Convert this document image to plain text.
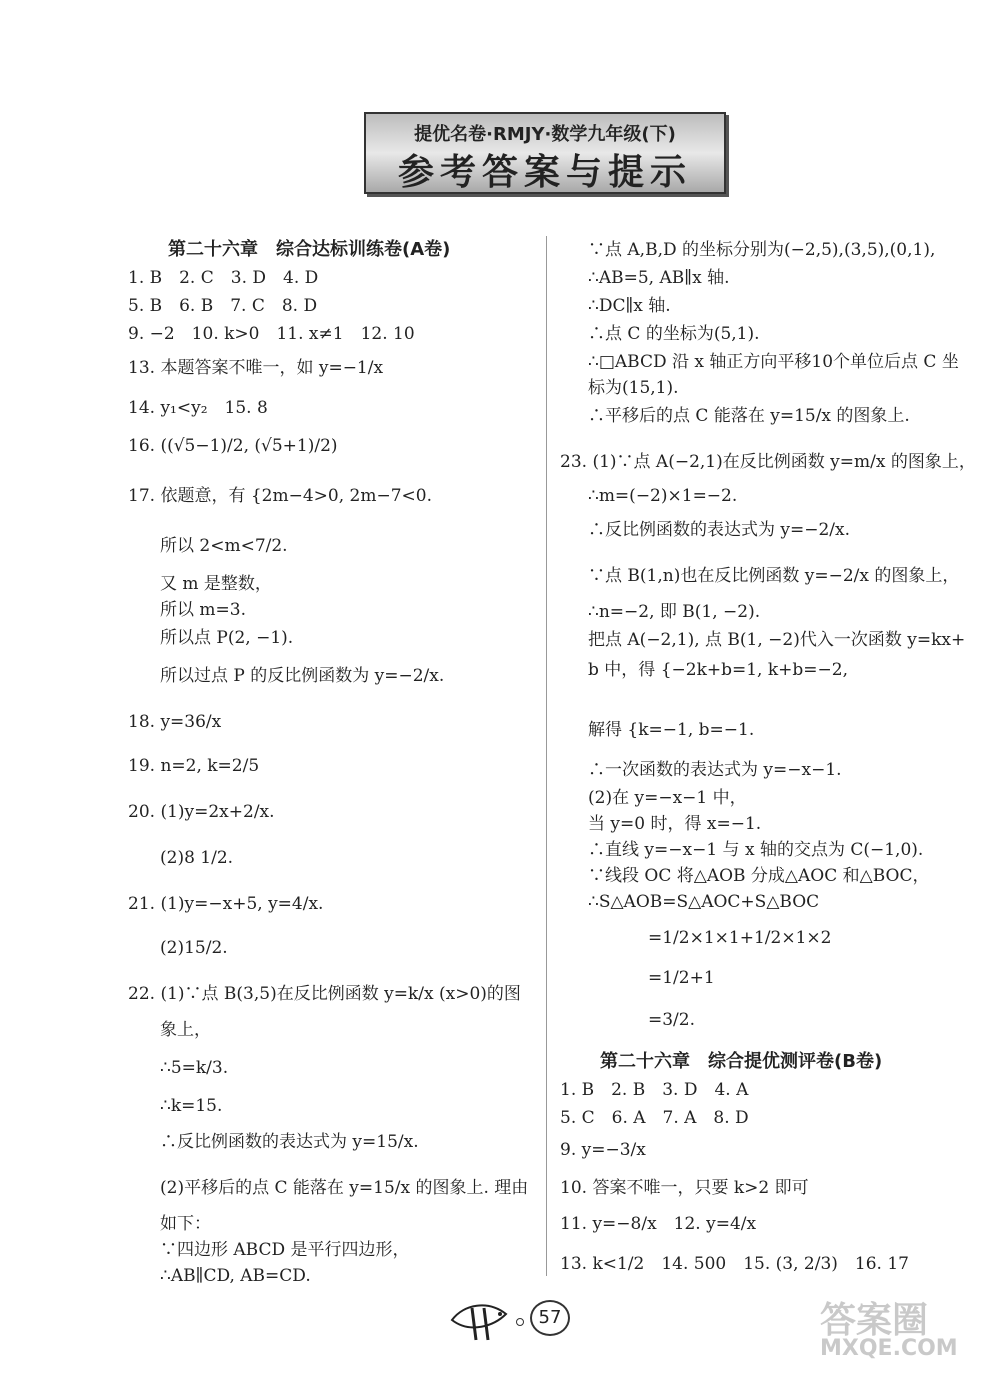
提优名卷·RMJY·数学九年级(下)
参考答案与提示
第二十六章　综合达标训练卷(A卷)
1. B　2. C　3. D　4. D
5. B　6. B　7. C　8. D
9. −2　10. k>0　11. x≠1　12. 10
13. 本题答案不唯一，如 y=−1/x
14. y₁<y₂　15. 8
16. ((√5−1)/2, (√5+1)/2)
17. 依题意，有 {2m−4>0, 2m−7<0.
所以 2<m<7/2.
又 m 是整数，
所以 m=3.
所以点 P(2, −1).
所以过点 P 的反比例函数为 y=−2/x.
18. y=36/x
19. n=2, k=2/5
20. (1)y=2x+2/x.
(2)8 1/2.
21. (1)y=−x+5, y=4/x.
(2)15/2.
22. (1)∵点 B(3,5)在反比例函数 y=k/x (x>0)的图
象上，
∴5=k/3.
∴k=15.
∴反比例函数的表达式为 y=15/x.
(2)平移后的点 C 能落在 y=15/x 的图象上. 理由
如下：
∵四边形 ABCD 是平行四边形，
∴AB∥CD, AB=CD.
∵点 A,B,D 的坐标分别为(−2,5),(3,5),(0,1),
∴AB=5, AB∥x 轴.
∴DC∥x 轴.
∴点 C 的坐标为(5,1).
∴□ABCD 沿 x 轴正方向平移10个单位后点 C 坐
标为(15,1).
∴平移后的点 C 能落在 y=15/x 的图象上.
23. (1)∵点 A(−2,1)在反比例函数 y=m/x 的图象上，
∴m=(−2)×1=−2.
∴反比例函数的表达式为 y=−2/x.
∵点 B(1,n)也在反比例函数 y=−2/x 的图象上，
∴n=−2, 即 B(1, −2).
把点 A(−2,1), 点 B(1, −2)代入一次函数 y=kx+
b 中，得 {−2k+b=1, k+b=−2,
解得 {k=−1, b=−1.
∴一次函数的表达式为 y=−x−1.
(2)在 y=−x−1 中，
当 y=0 时，得 x=−1.
∴直线 y=−x−1 与 x 轴的交点为 C(−1,0).
∵线段 OC 将△AOB 分成△AOC 和△BOC，
∴S△AOB=S△AOC+S△BOC
=1/2×1×1+1/2×1×2
=1/2+1
=3/2.
第二十六章　综合提优测评卷(B卷)
1. B　2. B　3. D　4. A
5. C　6. A　7. A　8. D
9. y=−3/x
10. 答案不唯一，只要 k>2 即可
11. y=−8/x　12. y=4/x
13. k<1/2　14. 500　15. (3, 2/3)　16. 17
57	答案圈
MXQE.COM
